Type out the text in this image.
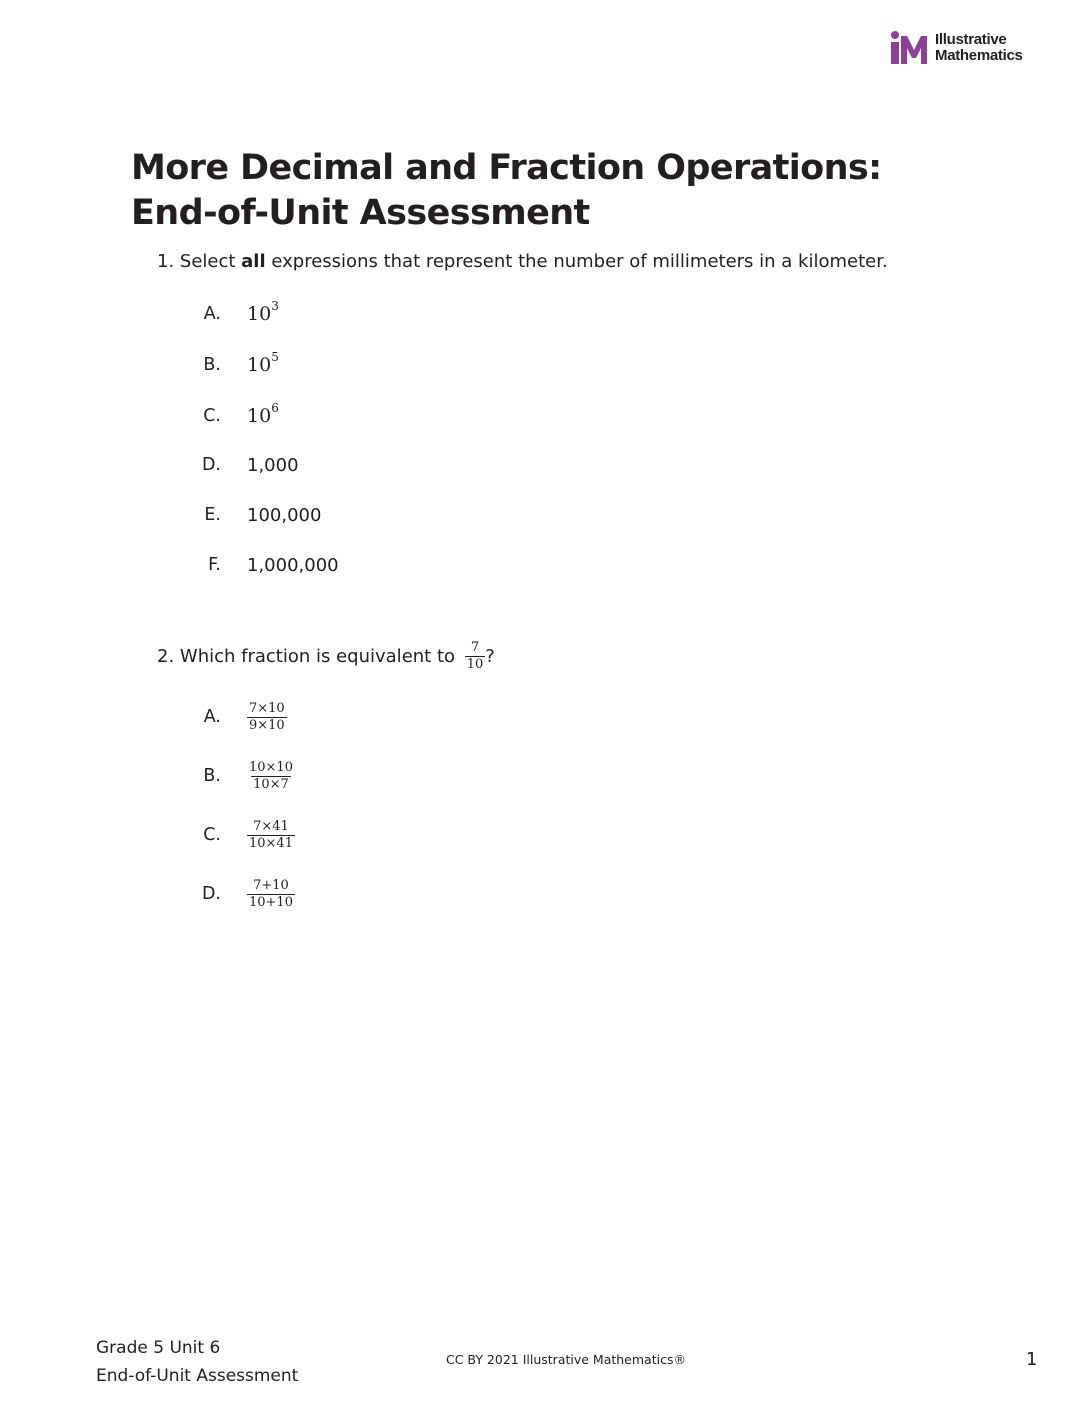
Illustrative
Mathematics
More Decimal and Fraction Operations:
End-of-Unit Assessment
1. Select all expressions that represent the number of millimeters in a kilometer.
A. $10^3$
B. $10^5$
C. $10^6$
D. 1,000
E. 100,000
F. 1,000,000
2. Which fraction is equivalent to $\frac{7}{10}$ ?
A. $\frac{7\times 10}{9\times 10}$
B. $\frac{10\times 10}{10\times 7}$
C. $\frac{7\times 41}{10\times 41}$
D. $\frac{7+10}{10+10}$
Grade 5 Unit 6
End-of-Unit Assessment
CC BY 2021 Illustrative Mathematics®	1
